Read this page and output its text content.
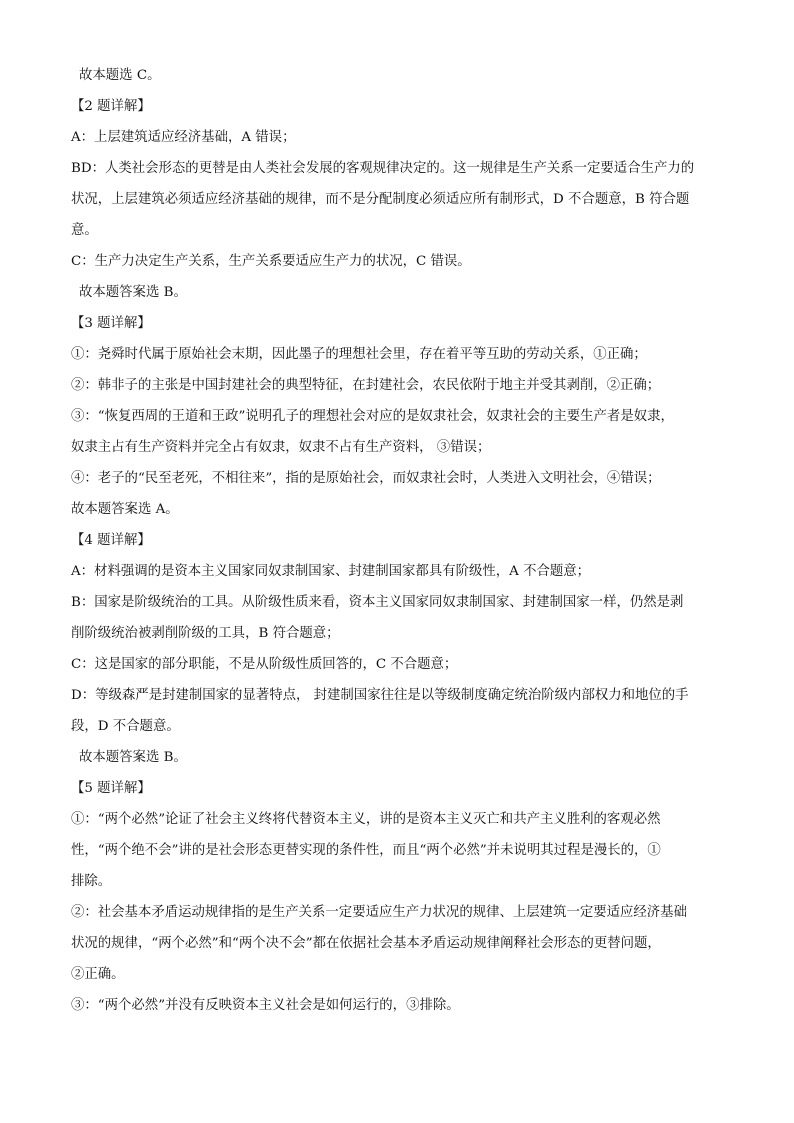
故本题选 C。
【2 题详解】
A：上层建筑适应经济基础，A 错误；
BD：人类社会形态的更替是由人类社会发展的客观规律决定的。这一规律是生产关系一定要适合生产力的
状况，上层建筑必须适应经济基础的规律，而不是分配制度必须适应所有制形式，D 不合题意，B 符合题
意。
C：生产力决定生产关系，生产关系要适应生产力的状况，C 错误。
故本题答案选 B。
【3 题详解】
①：尧舜时代属于原始社会末期，因此墨子的理想社会里，存在着平等互助的劳动关系，①正确；
②：韩非子的主张是中国封建社会的典型特征，在封建社会，农民依附于地主并受其剥削，②正确；
③：“恢复西周的王道和王政”说明孔子的理想社会对应的是奴隶社会，奴隶社会的主要生产者是奴隶，
奴隶主占有生产资料并完全占有奴隶，奴隶不占有生产资料， ③错误；
④：老子的“民至老死，不相往来”，指的是原始社会，而奴隶社会时，人类进入文明社会，④错误；
故本题答案选 A。
【4 题详解】
A：材料强调的是资本主义国家同奴隶制国家、封建制国家都具有阶级性，A 不合题意；
B：国家是阶级统治的工具。从阶级性质来看，资本主义国家同奴隶制国家、封建制国家一样，仍然是剥
削阶级统治被剥削阶级的工具，B 符合题意；
C：这是国家的部分职能，不是从阶级性质回答的，C 不合题意；
D：等级森严是封建制国家的显著特点， 封建制国家往往是以等级制度确定统治阶级内部权力和地位的手
段，D 不合题意。
故本题答案选 B。
【5 题详解】
①：“两个必然”论证了社会主义终将代替资本主义，讲的是资本主义灭亡和共产主义胜利的客观必然
性，“两个绝不会”讲的是社会形态更替实现的条件性，而且“两个必然”并未说明其过程是漫长的，①
排除。
②：社会基本矛盾运动规律指的是生产关系一定要适应生产力状况的规律、上层建筑一定要适应经济基础
状况的规律，“两个必然”和“两个决不会”都在依据社会基本矛盾运动规律阐释社会形态的更替问题，
②正确。
③：“两个必然”并没有反映资本主义社会是如何运行的，③排除。
